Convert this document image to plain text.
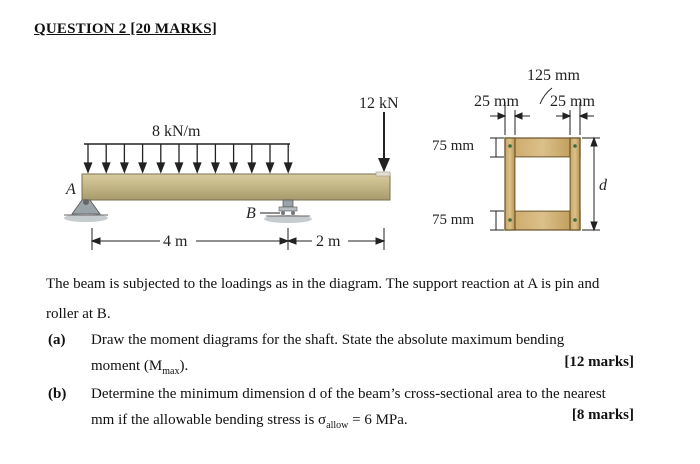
QUESTION 2 [20 MARKS]
8 kN/m
12 kN
A
B
4 m	2 m
125 mm
25 mm 25 mm
75 mm
75 mm
d
The beam is subjected to the loadings as in the diagram. The support reaction at A is pin and
roller at B.
(a) Draw the moment diagrams for the shaft. State the absolute maximum bending
moment $(M_{max})$.	[12 marks]
(b) Determine the minimum dimension d of the beam’s cross-sectional area to the nearest
mm if the allowable bending stress is $\sigma_{allow} = 6$ MPa.	[8 marks]
